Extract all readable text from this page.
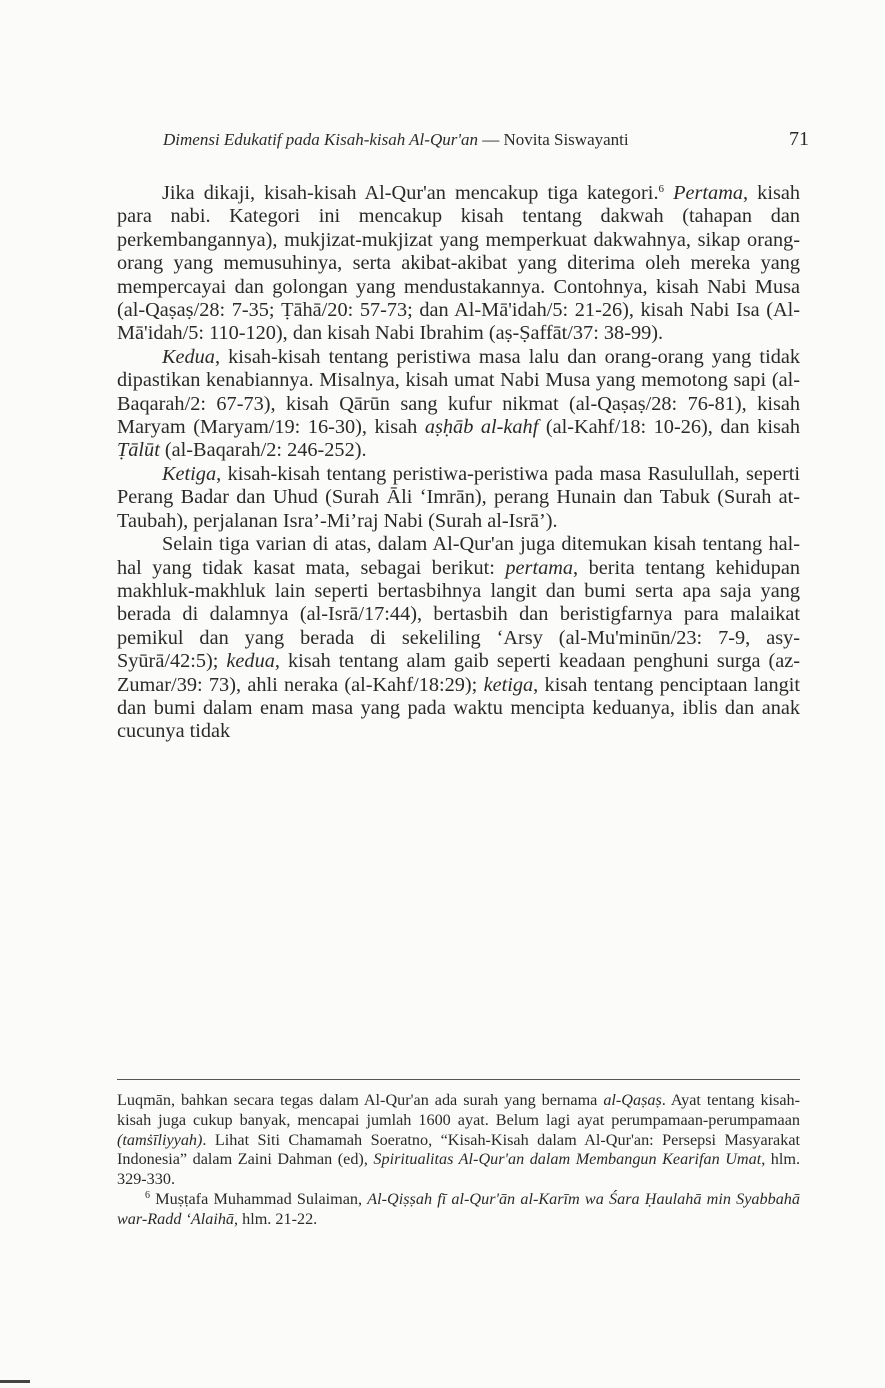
Dimensi Edukatif pada Kisah-kisah Al-Qur'an — Novita Siswayanti	71

Jika dikaji, kisah-kisah Al-Qur'an mencakup tiga kategori.$^6$ Pertama, kisah para nabi. Kategori ini mencakup kisah tentang dakwah (tahapan dan perkembangannya), mukjizat-mukjizat yang memperkuat dakwahnya, sikap orang-orang yang memusuhinya, serta akibat-akibat yang diterima oleh mereka yang mempercayai dan golongan yang mendustakannya. Contohnya, kisah Nabi Musa (al-Qaṣaṣ/28: 7-35; Ṭāhā/20: 57-73; dan Al-Mā'idah/5: 21-26), kisah Nabi Isa (Al-Mā'idah/5: 110-120), dan kisah Nabi Ibrahim (aṣ-Ṣaffāt/37: 38-99).

Kedua, kisah-kisah tentang peristiwa masa lalu dan orang-orang yang tidak dipastikan kenabiannya. Misalnya, kisah umat Nabi Musa yang memotong sapi (al-Baqarah/2: 67-73), kisah Qārūn sang kufur nikmat (al-Qaṣaṣ/28: 76-81), kisah Maryam (Maryam/19: 16-30), kisah aṣḥāb al-kahf (al-Kahf/18: 10-26), dan kisah Ṭālūt (al-Baqarah/2: 246-252).

Ketiga, kisah-kisah tentang peristiwa-peristiwa pada masa Rasulullah, seperti Perang Badar dan Uhud (Surah Āli ‘Imrān), perang Hunain dan Tabuk (Surah at-Taubah), perjalanan Isra’-Mi’raj Nabi (Surah al-Isrā’).

Selain tiga varian di atas, dalam Al-Qur'an juga ditemukan kisah tentang hal-hal yang tidak kasat mata, sebagai berikut: pertama, berita tentang kehidupan makhluk-makhluk lain seperti bertasbihnya langit dan bumi serta apa saja yang berada di dalamnya (al-Isrā/17:44), bertasbih dan beristigfarnya para malaikat pemikul dan yang berada di sekeliling ‘Arsy (al-Mu'minūn/23: 7-9, asy-Syūrā/42:5); kedua, kisah tentang alam gaib seperti keadaan penghuni surga (az-Zumar/39: 73), ahli neraka (al-Kahf/18:29); ketiga, kisah tentang penciptaan langit dan bumi dalam enam masa yang pada waktu mencipta keduanya, iblis dan anak cucunya tidak

Luqmān, bahkan secara tegas dalam Al-Qur'an ada surah yang bernama al-Qaṣaṣ. Ayat tentang kisah-kisah juga cukup banyak, mencapai jumlah 1600 ayat. Belum lagi ayat perumpamaan-perumpamaan (tamṡīliyyah). Lihat Siti Chamamah Soeratno, “Kisah-Kisah dalam Al-Qur'an: Persepsi Masyarakat Indonesia” dalam Zaini Dahman (ed), Spiritualitas Al-Qur'an dalam Membangun Kearifan Umat, hlm. 329-330.

$^6$ Muṣṭafa Muhammad Sulaiman, Al-Qiṣṣah fī al-Qur'ān al-Karīm wa Śara Ḥaulahā min Syabbahā war-Radd ‘Alaihā, hlm. 21-22.
